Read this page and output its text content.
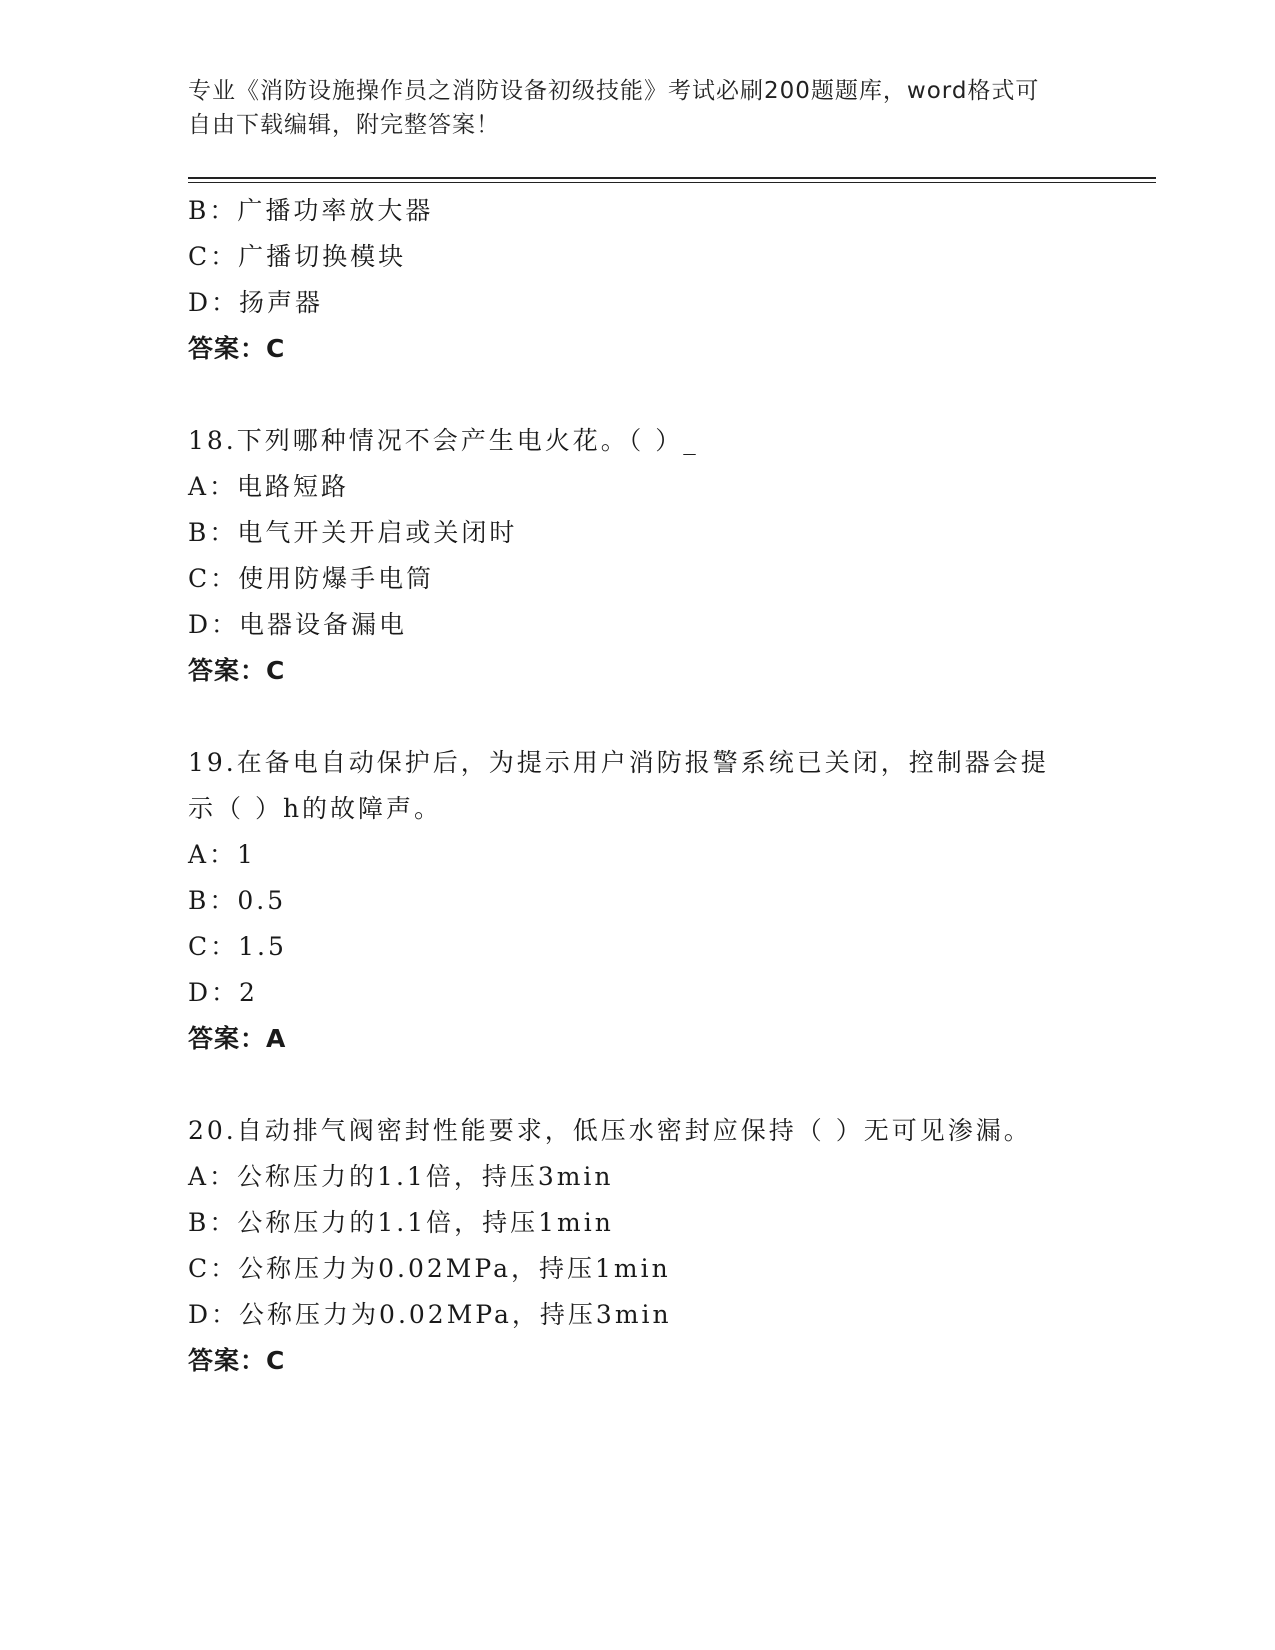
专业《消防设施操作员之消防设备初级技能》考试必刷200题题库，word格式可
自由下载编辑，附完整答案！
B：广播功率放大器
C：广播切换模块
D：扬声器
答案：C
18.下列哪种情况不会产生电火花。（ ）_
A：电路短路
B：电气开关开启或关闭时
C：使用防爆手电筒
D：电器设备漏电
答案：C
19.在备电自动保护后，为提示用户消防报警系统已关闭，控制器会提
示（ ）h的故障声。
A：1
B：0.5
C：1.5
D：2
答案：A
20.自动排气阀密封性能要求，低压水密封应保持（ ）无可见渗漏。
A：公称压力的1.1倍，持压3min
B：公称压力的1.1倍，持压1min
C：公称压力为0.02MPa，持压1min
D：公称压力为0.02MPa，持压3min
答案：C
